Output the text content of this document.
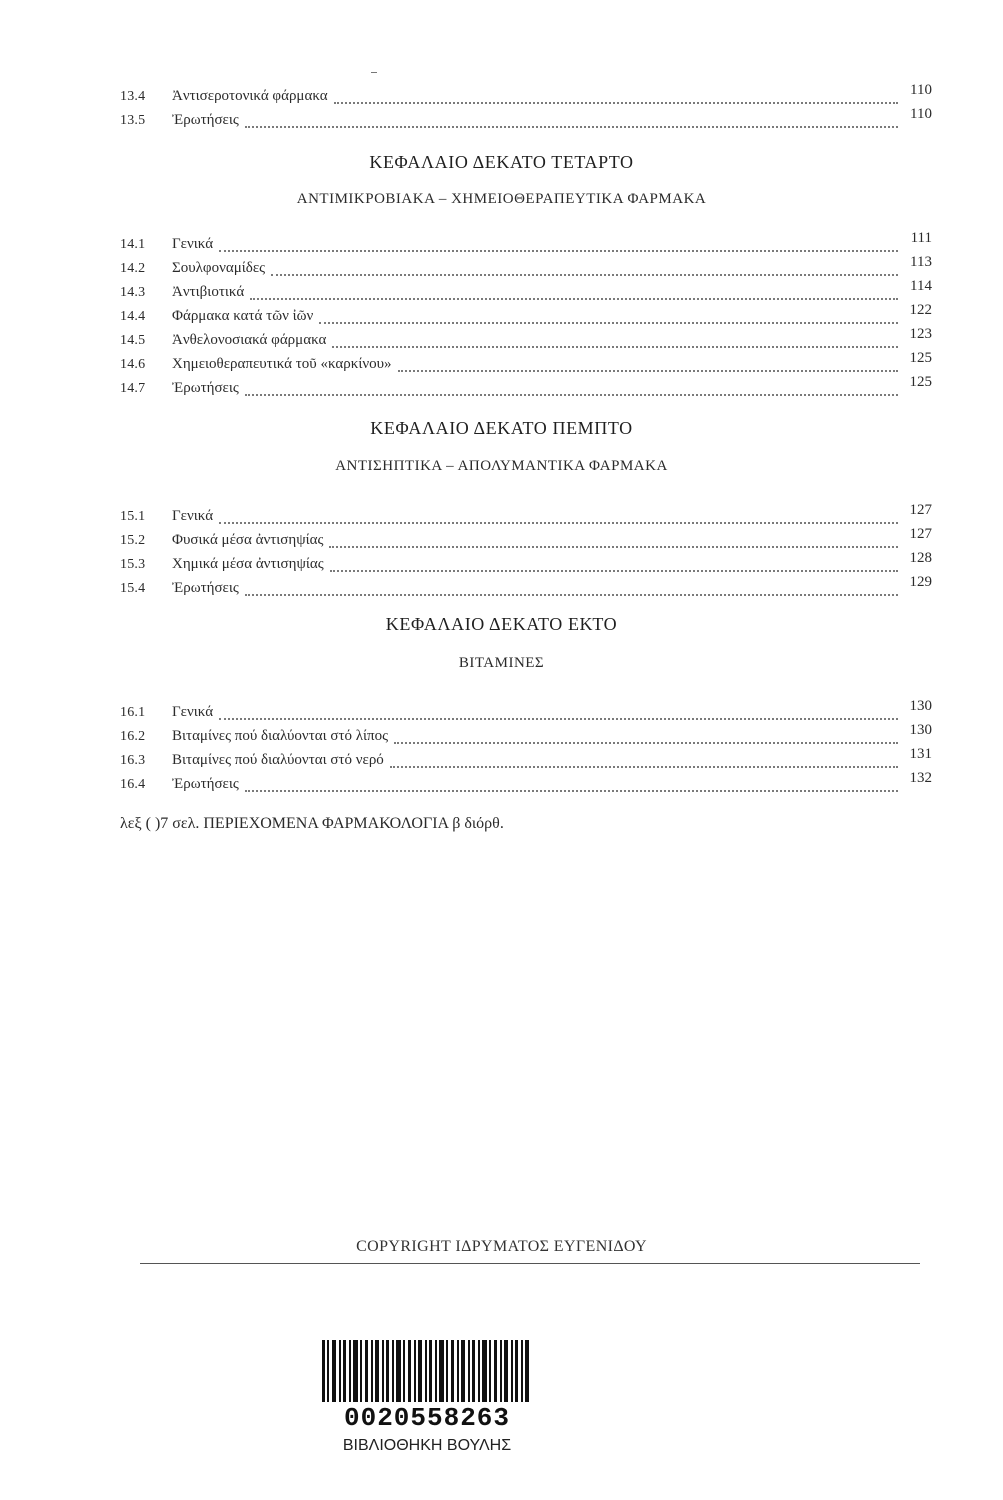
13.4	Ἀντισεροτονικά φάρμακα	110
13.5	Ἐρωτήσεις	110
ΚΕΦΑΛΑΙΟ ΔΕΚΑΤΟ ΤΕΤΑΡΤΟ
ΑΝΤΙΜΙΚΡΟΒΙΑΚΑ – ΧΗΜΕΙΟΘΕΡΑΠΕΥΤΙΚΑ ΦΑΡΜΑΚΑ
14.1	Γενικά	111
14.2	Σουλφοναμίδες	113
14.3	Ἀντιβιοτικά	114
14.4	Φάρμακα κατά τῶν ἰῶν	122
14.5	Ἀνθελονοσιακά φάρμακα	123
14.6	Χημειοθεραπευτικά τοῦ «καρκίνου»	125
14.7	Ἐρωτήσεις	125
ΚΕΦΑΛΑΙΟ ΔΕΚΑΤΟ ΠΕΜΠΤΟ
ΑΝΤΙΣΗΠΤΙΚΑ – ΑΠΟΛΥΜΑΝΤΙΚΑ ΦΑΡΜΑΚΑ
15.1	Γενικά	127
15.2	Φυσικά μέσα ἀντισηψίας	127
15.3	Χημικά μέσα ἀντισηψίας	128
15.4	Ἐρωτήσεις	129
ΚΕΦΑΛΑΙΟ ΔΕΚΑΤΟ ΕΚΤΟ
ΒΙΤΑΜΙΝΕΣ
16.1	Γενικά	130
16.2	Βιταμίνες πού διαλύονται στό λίπος	130
16.3	Βιταμίνες πού διαλύονται στό νερό	131
16.4	Ἐρωτήσεις	132
λεξ ( )7 σελ. ΠΕΡΙΕΧΟΜΕΝΑ ΦΑΡΜΑΚΟΛΟΓΙΑ β διόρθ.
COPYRIGHT ΙΔΡΥΜΑΤΟΣ ΕΥΓΕΝΙΔΟΥ
0020558263
ΒΙΒΛΙΟΘΗΚΗ ΒΟΥΛΗΣ
